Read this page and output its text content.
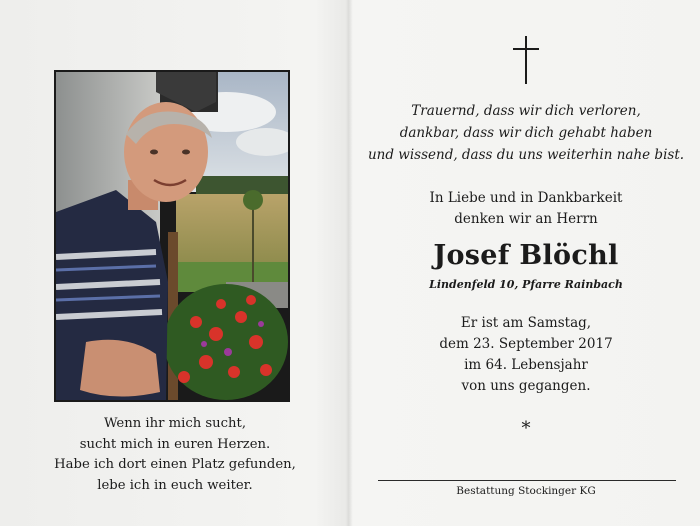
Wenn ihr mich sucht,
sucht mich in euren Herzen.
Habe ich dort einen Platz gefunden,
lebe ich in euch weiter.
Trauernd, dass wir dich verloren,
dankbar, dass wir dich gehabt haben
und wissend, dass du uns weiterhin nahe bist.
In Liebe und in Dankbarkeit
denken wir an Herrn
Josef Blöchl
Lindenfeld 10, Pfarre Rainbach
Er ist am Samstag,
dem 23. September 2017
im 64. Lebensjahr
von uns gegangen.
*
Bestattung Stockinger KG
